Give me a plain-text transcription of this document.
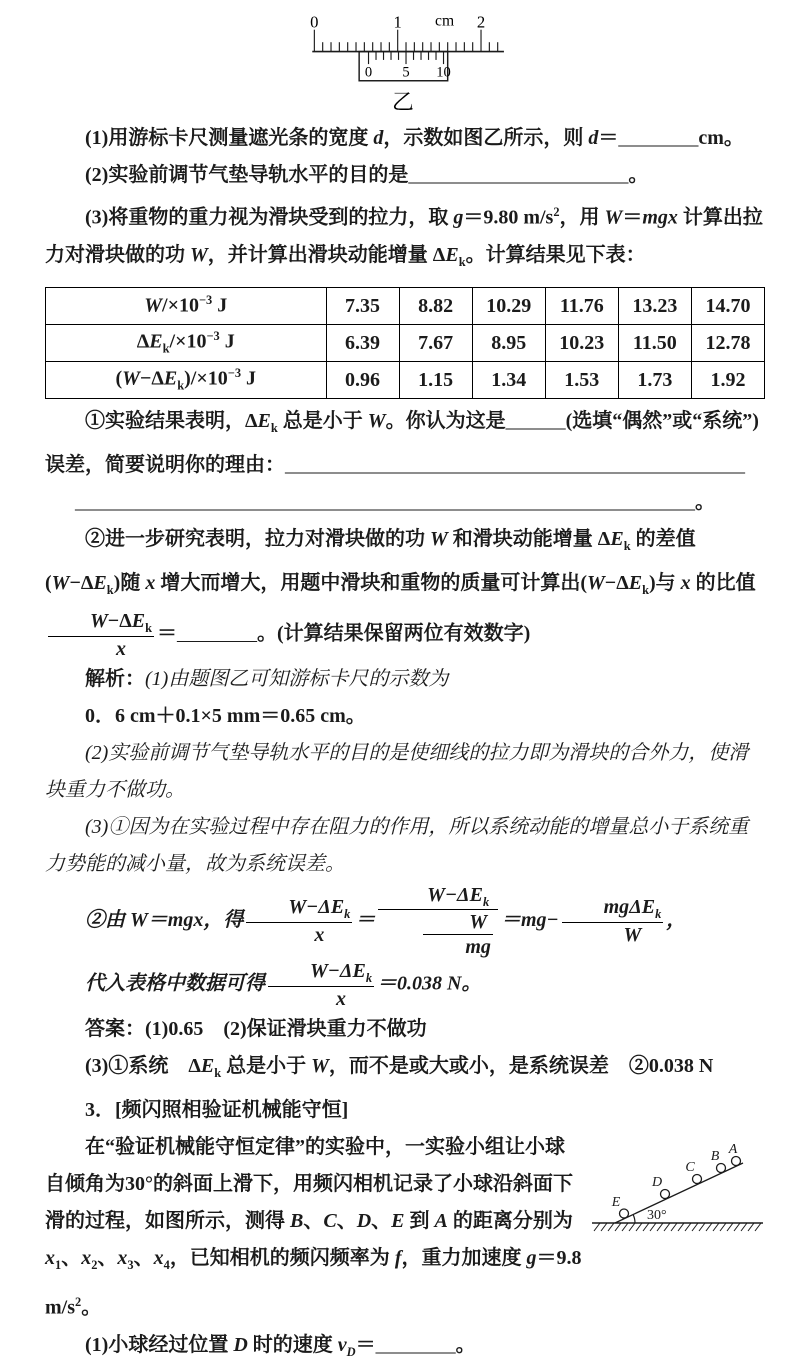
cm
0	1	2
0 5 10
乙

(1)用游标卡尺测量遮光条的宽度 d，示数如图乙所示，则 d＝________cm。

(2)实验前调节气垫导轨水平的目的是______________________。

(3)将重物的重力视为滑块受到的拉力，取 g＝9.80 $m/s^2$，用 W＝mgx 计算出拉力对滑块做的功 W，并计算出滑块动能增量 $\Delta E_k$。计算结果见下表：

$W/\times 10^{-3}$ J	7.35	8.82	10.29	11.76	13.23	14.70
$\Delta E_k/\times 10^{-3}$ J	6.39	7.67	8.95	10.23	11.50	12.78
$(W-\Delta E_k)/\times 10^{-3}$ J	0.96	1.15	1.34	1.53	1.73	1.92

①实验结果表明，$\Delta E_k$ 总是小于 W。你认为这是______(选填“偶然”或“系统”)误差，简要说明你的理由：______________________________________________

______________________________________________________________。

②进一步研究表明，拉力对滑块做的功 W 和滑块动能增量 $\Delta E_k$ 的差值$(W-\Delta E_k)$随 x 增大而增大，用题中滑块和重物的质量可计算出$(W-\Delta E_k)$与 x 的比值
$\frac{W-\Delta E_k}{x}$ ＝________。(计算结果保留两位有效数字)

解析：(1)由题图乙可知游标卡尺的示数为

0．6 cm＋0.1×5 mm＝0.65 cm。

(2)实验前调节气垫导轨水平的目的是使细线的拉力即为滑块的合外力，使滑块重力不做功。

(3)①因为在实验过程中存在阻力的作用，所以系统动能的增量总小于系统重力势能的减小量，故为系统误差。

②由 W＝mgx，得 $\frac{W-\Delta E_k}{x} = \frac{W-\Delta E_k}{\frac{W}{mg}} =mg- \frac{mg\Delta E_k}{W}$ ，

代入表格中数据可得 $\frac{W-\Delta E_k}{x} =0.038$ N。

答案：(1)0.65　(2)保证滑块重力不做功

(3)①系统　$\Delta E_k$ 总是小于 W，而不是或大或小，是系统误差　②0.038 N

3．[频闪照相验证机械能守恒]

A
B
C
D
E
30°

在“验证机械能守恒定律”的实验中，一实验小组让小球自倾角为30°的斜面上滑下，用频闪相机记录了小球沿斜面下滑的过程，如图所示，测得 B、C、D、E 到 A 的距离分别为 $x_1$、$x_2$、$x_3$、$x_4$，已知相机的频闪频率为 f，重力加速度 g＝9.8 $m/s^2$。

(1)小球经过位置 D 时的速度 $v_D=\_\_\_\_\_\_\_\_$。
